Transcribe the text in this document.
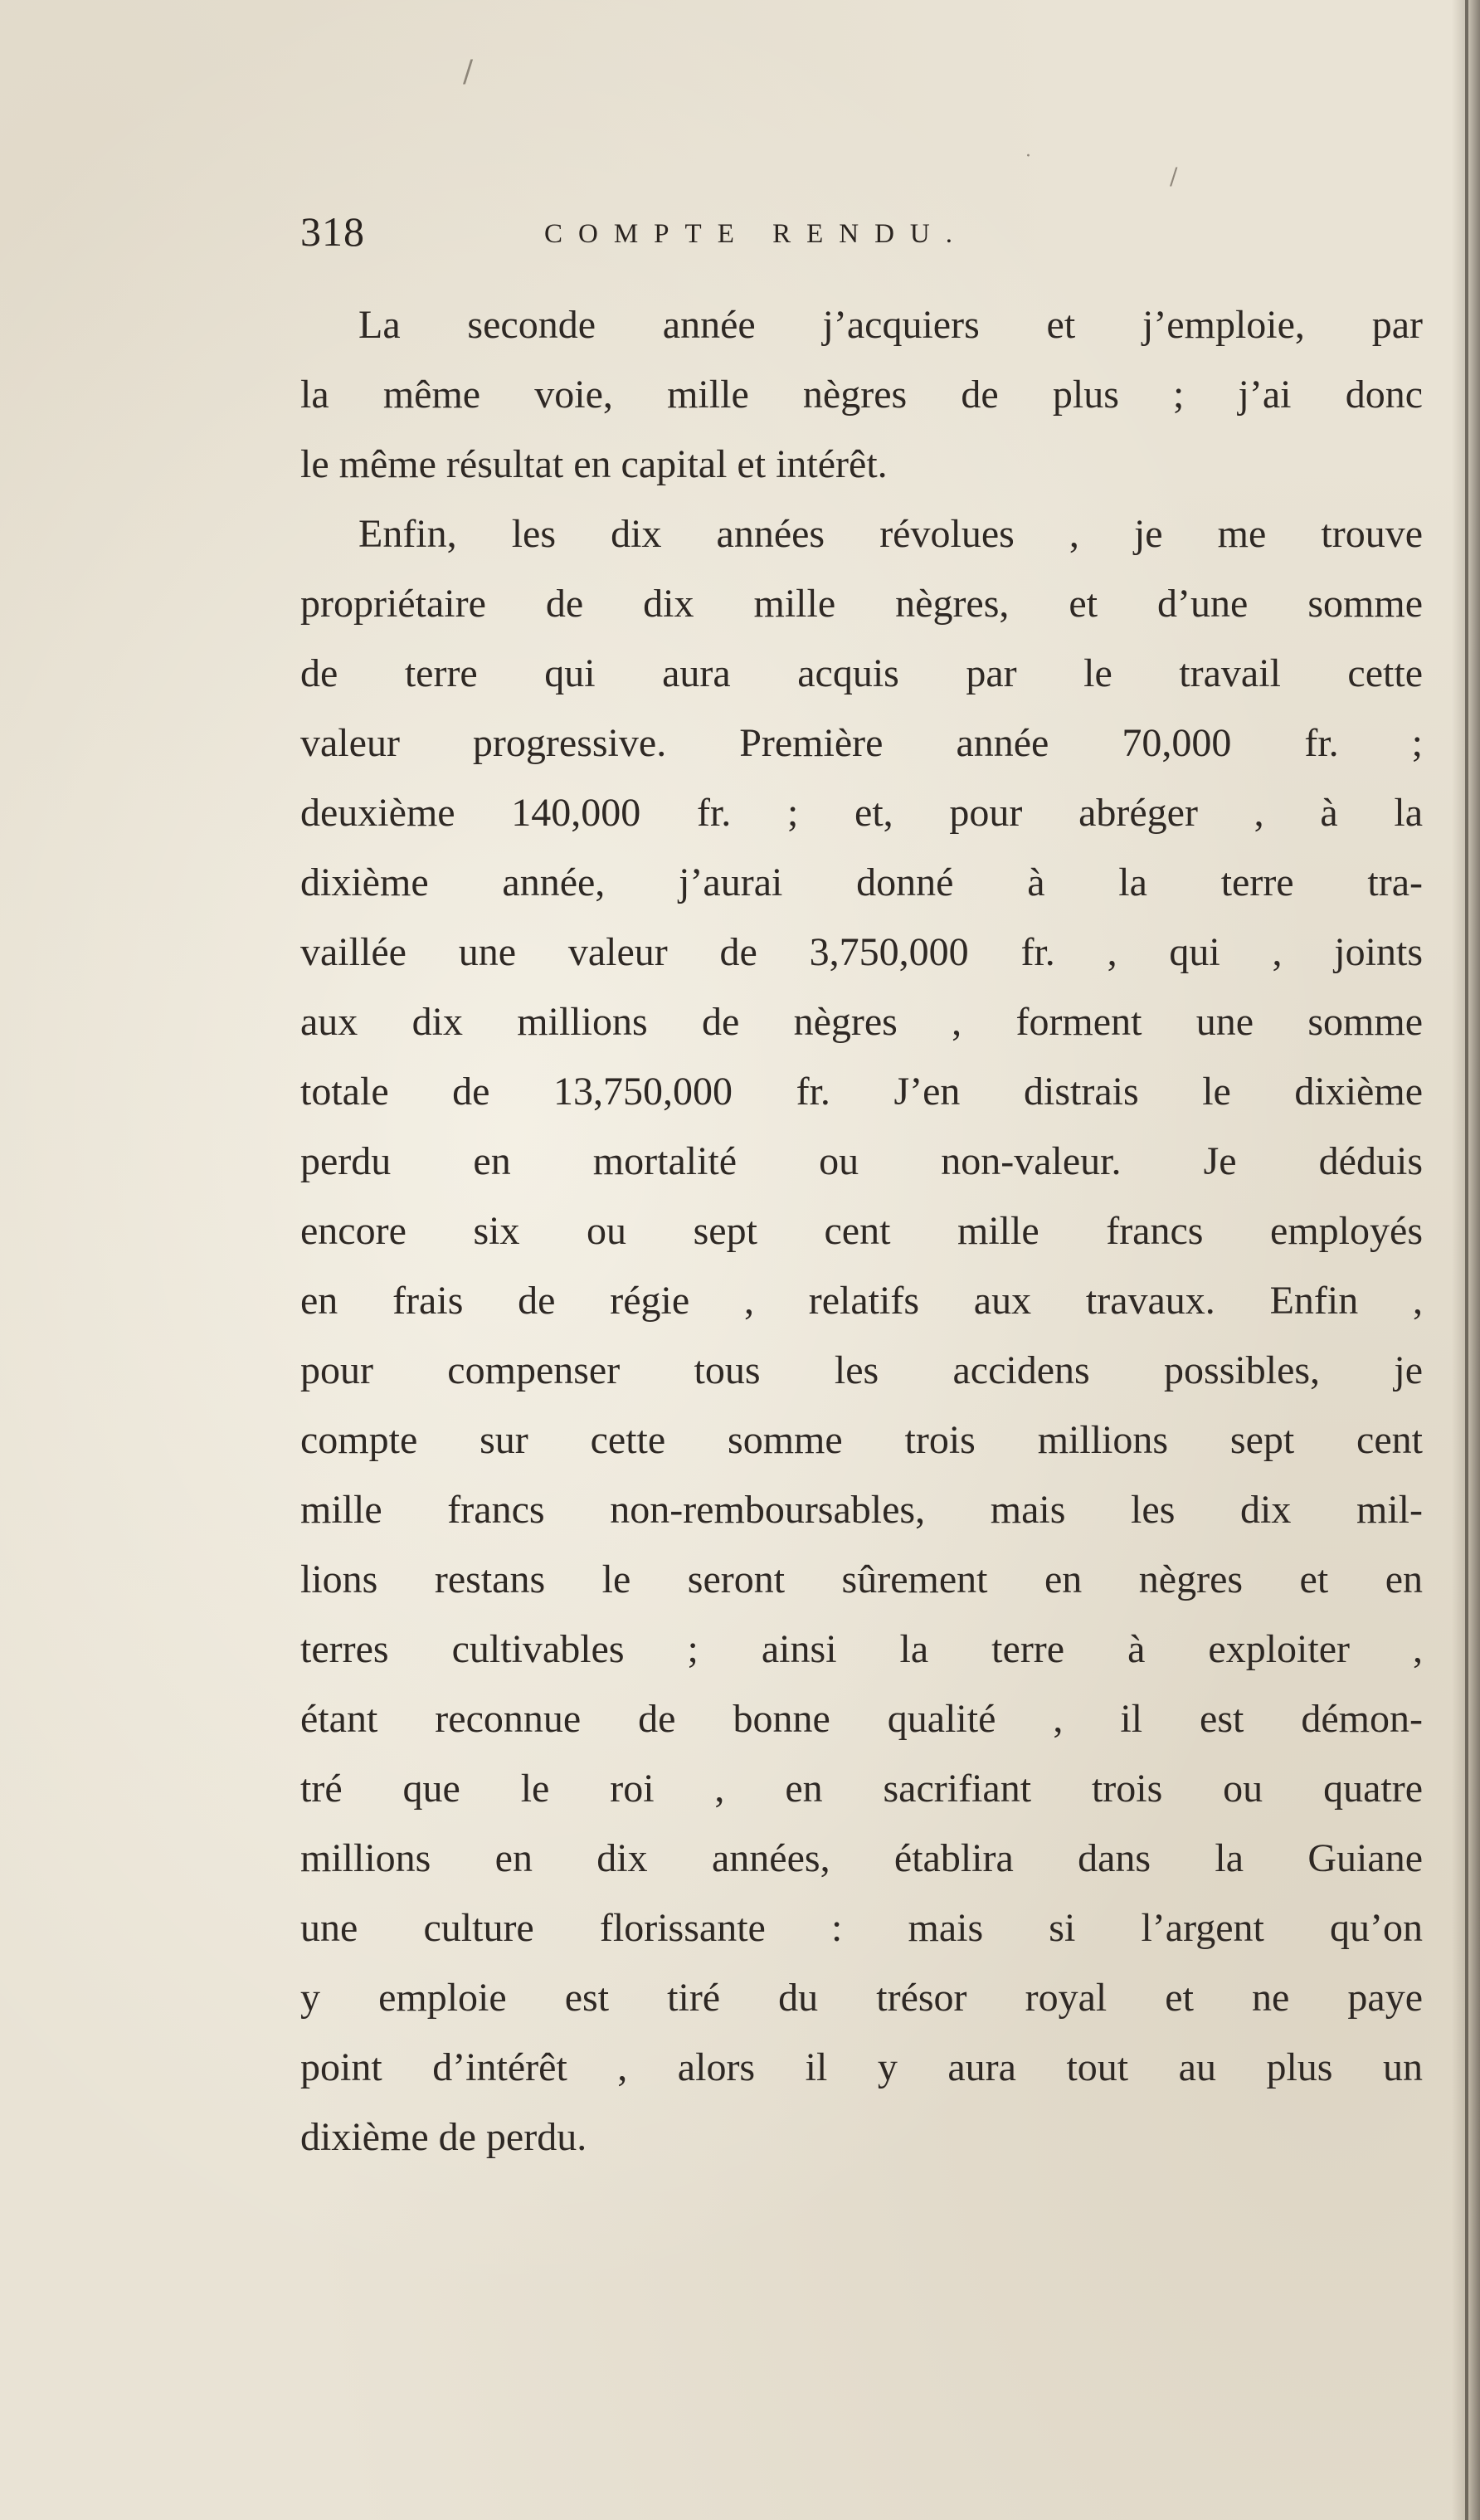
/
/
·
318	COMPTE RENDU.
La seconde année j’acquiers et j’emploie, par
la même voie, mille nègres de plus ; j’ai donc
le même résultat en capital et intérêt.
Enfin, les dix années révolues , je me trouve
propriétaire de dix mille nègres, et d’une somme
de terre qui aura acquis par le travail cette
valeur progressive. Première année 70,000 fr. ;
deuxième 140,000 fr. ; et, pour abréger , à la
dixième année, j’aurai donné à la terre tra-
vaillée une valeur de 3,750,000 fr. , qui , joints
aux dix millions de nègres , forment une somme
totale de 13,750,000 fr. J’en distrais le dixième
perdu en mortalité ou non-valeur. Je déduis
encore six ou sept cent mille francs employés
en frais de régie , relatifs aux travaux. Enfin ,
pour compenser tous les accidens possibles, je
compte sur cette somme trois millions sept cent
mille francs non-remboursables, mais les dix mil-
lions restans le seront sûrement en nègres et en
terres cultivables ; ainsi la terre à exploiter ,
étant reconnue de bonne qualité , il est démon-
tré que le roi , en sacrifiant trois ou quatre
millions en dix années, établira dans la Guiane
une culture florissante : mais si l’argent qu’on
y emploie est tiré du trésor royal et ne paye
point d’intérêt , alors il y aura tout au plus un
dixième de perdu.
